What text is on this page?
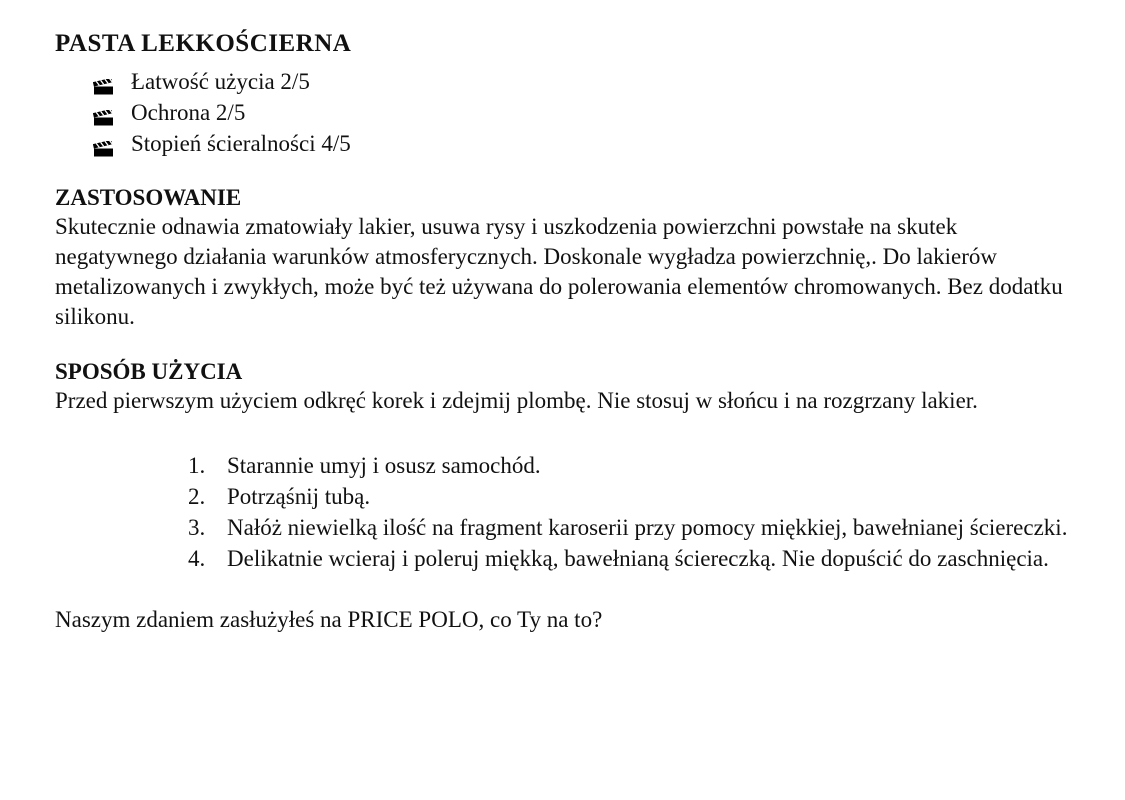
PASTA LEKKOŚCIERNA
Łatwość użycia 2/5
Ochrona 2/5
Stopień ścieralności 4/5
ZASTOSOWANIE

Skutecznie odnawia zmatowiały lakier, usuwa rysy i uszkodzenia powierzchni powstałe na skutek negatywnego działania warunków atmosferycznych. Doskonale wygładza powierzchnię,. Do lakierów metalizowanych i zwykłych, może być też używana do polerowania elementów chromowanych. Bez dodatku silikonu.

SPOSÓB UŻYCIA

Przed pierwszym użyciem odkręć korek i zdejmij plombę. Nie stosuj w słońcu i na rozgrzany lakier.

1. Starannie umyj i osusz samochód.
2. Potrząśnij tubą.
3. Nałóż niewielką ilość na fragment karoserii przy pomocy miękkiej, bawełnianej ściereczki.
4. Delikatnie wcieraj i poleruj miękką, bawełnianą ściereczką. Nie dopuścić do zaschnięcia.

Naszym zdaniem zasłużyłeś na PRICE POLO, co Ty na to?
